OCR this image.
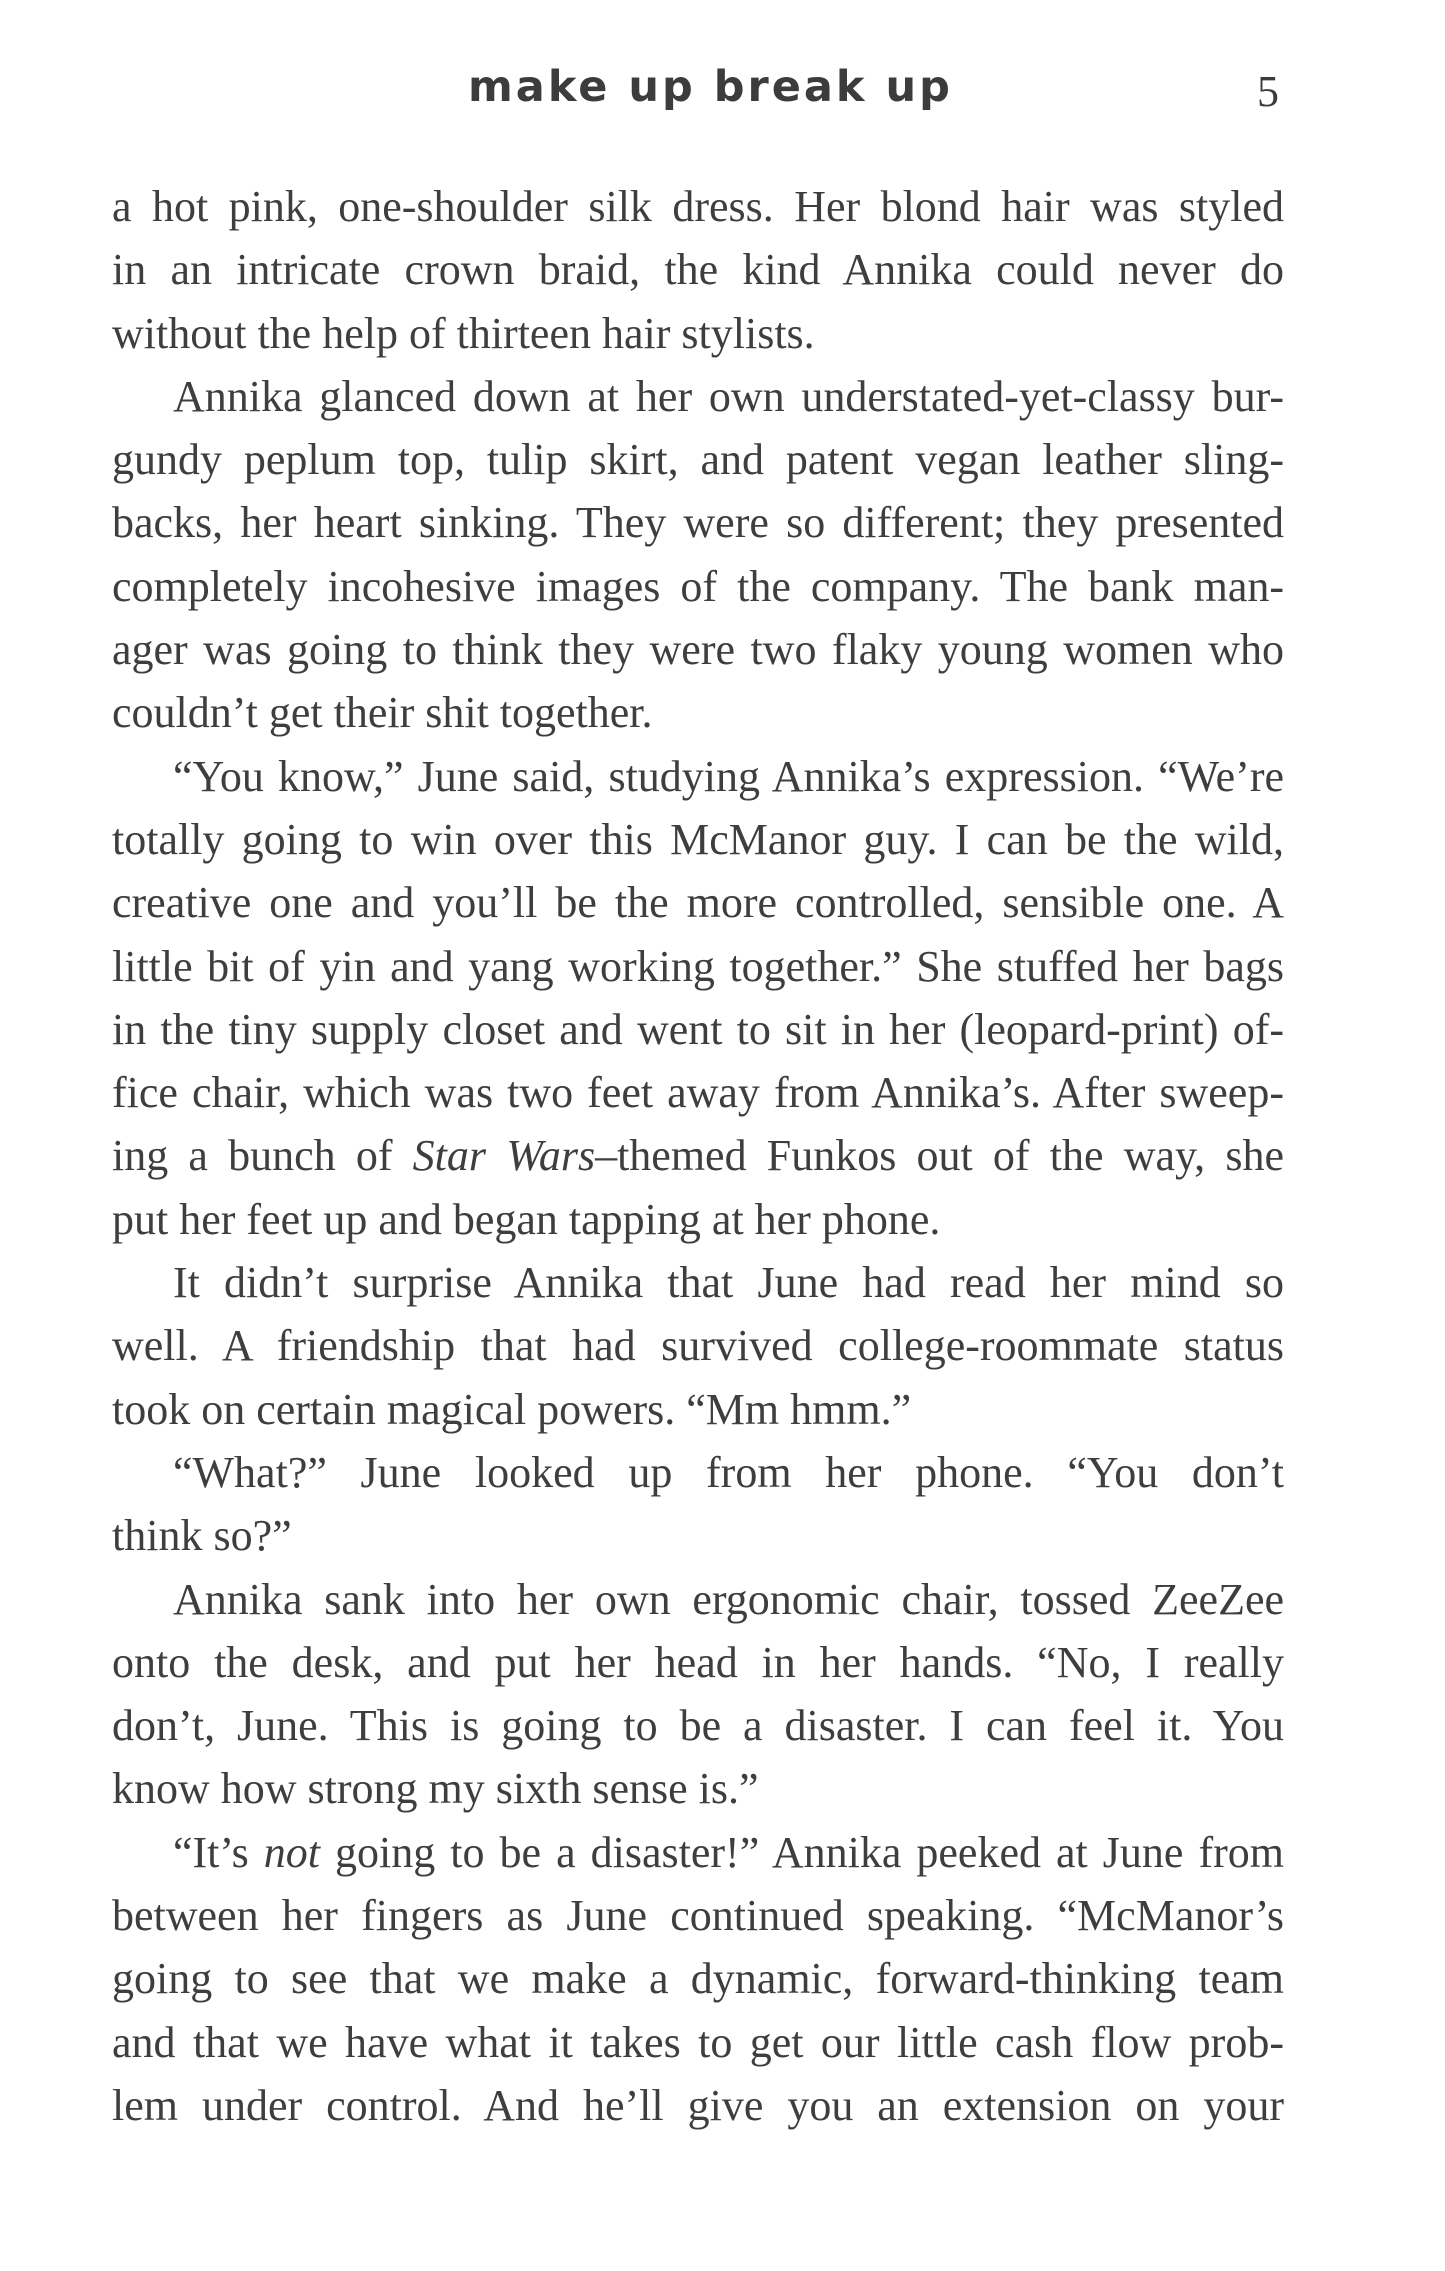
make up break up	5
a hot pink, one-shoulder silk dress. Her blond hair was styled
in an intricate crown braid, the kind Annika could never do
without the help of thirteen hair stylists.
Annika glanced down at her own understated-yet-classy bur-
gundy peplum top, tulip skirt, and patent vegan leather sling-
backs, her heart sinking. They were so different; they presented
completely incohesive images of the company. The bank man-
ager was going to think they were two flaky young women who
couldn’t get their shit together.
“You know,” June said, studying Annika’s expression. “We’re
totally going to win over this McManor guy. I can be the wild,
creative one and you’ll be the more controlled, sensible one. A
little bit of yin and yang working together.” She stuffed her bags
in the tiny supply closet and went to sit in her (leopard-print) of-
fice chair, which was two feet away from Annika’s. After sweep-
ing a bunch of Star Wars–themed Funkos out of the way, she
put her feet up and began tapping at her phone.
It didn’t surprise Annika that June had read her mind so
well. A friendship that had survived college-roommate status
took on certain magical powers. “Mm hmm.”
“What?” June looked up from her phone. “You don’t
think so?”
Annika sank into her own ergonomic chair, tossed ZeeZee
onto the desk, and put her head in her hands. “No, I really
don’t, June. This is going to be a disaster. I can feel it. You
know how strong my sixth sense is.”
“It’s not going to be a disaster!” Annika peeked at June from
between her fingers as June continued speaking. “McManor’s
going to see that we make a dynamic, forward-thinking team
and that we have what it takes to get our little cash flow prob-
lem under control. And he’ll give you an extension on your
